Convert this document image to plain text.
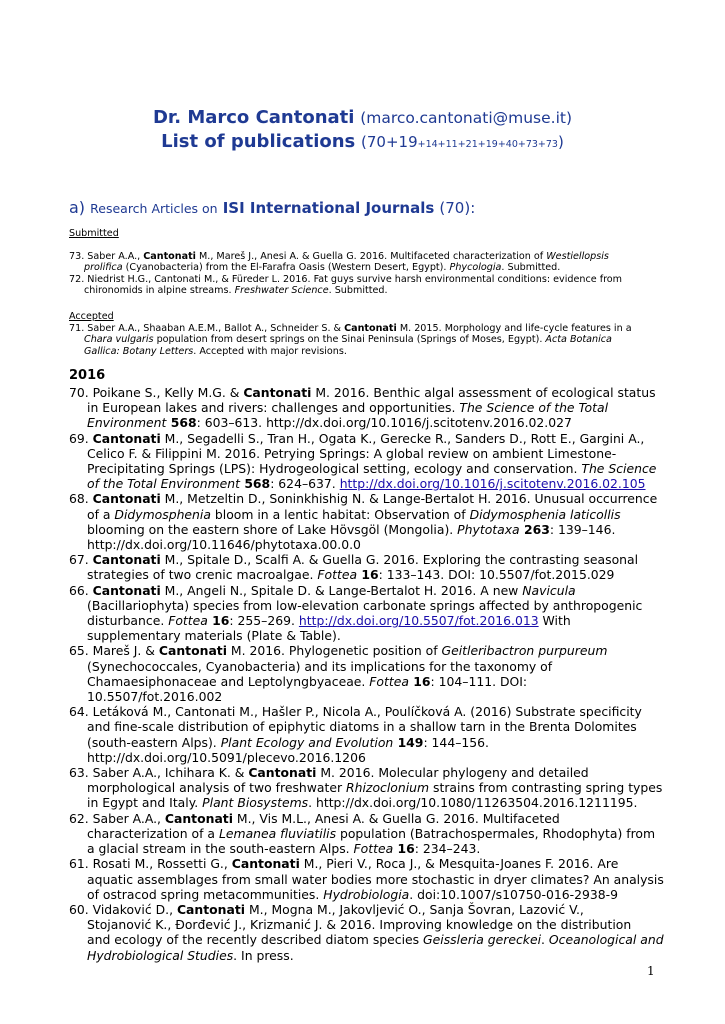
Dr. Marco Cantonati (marco.cantonati@muse.it)
List of publications (70+19+14+11+21+19+40+73+73)
a) Research Articles on ISI International Journals (70):

Submitted

73. Saber A.A., Cantonati M., Mareš J., Anesi A. & Guella G. 2016. Multifaceted characterization of Westiellopsis
prolifica (Cyanobacteria) from the El-Farafra Oasis (Western Desert, Egypt). Phycologia. Submitted.
72. Niedrist H.G., Cantonati M., & Füreder L. 2016. Fat guys survive harsh environmental conditions: evidence from
chironomids in alpine streams. Freshwater Science. Submitted.

Accepted

71. Saber A.A., Shaaban A.E.M., Ballot A., Schneider S. & Cantonati M. 2015. Morphology and life-cycle features in a
Chara vulgaris population from desert springs on the Sinai Peninsula (Springs of Moses, Egypt). Acta Botanica
Gallica: Botany Letters. Accepted with major revisions.
2016
70. Poikane S., Kelly M.G. & Cantonati M. 2016. Benthic algal assessment of ecological status
in European lakes and rivers: challenges and opportunities. The Science of the Total
Environment 568: 603–613. http://dx.doi.org/10.1016/j.scitotenv.2016.02.027
69. Cantonati M., Segadelli S., Tran H., Ogata K., Gerecke R., Sanders D., Rott E., Gargini A.,
Celico F. & Filippini M. 2016. Petrying Springs: A global review on ambient Limestone-
Precipitating Springs (LPS): Hydrogeological setting, ecology and conservation. The Science
of the Total Environment 568: 624–637. http://dx.doi.org/10.1016/j.scitotenv.2016.02.105
68. Cantonati M., Metzeltin D., Soninkhishig N. & Lange-Bertalot H. 2016. Unusual occurrence
of a Didymosphenia bloom in a lentic habitat: Observation of Didymosphenia laticollis
blooming on the eastern shore of Lake Hövsgöl (Mongolia). Phytotaxa 263: 139–146.
http://dx.doi.org/10.11646/phytotaxa.00.0.0
67. Cantonati M., Spitale D., Scalfi A. & Guella G. 2016. Exploring the contrasting seasonal
strategies of two crenic macroalgae. Fottea 16: 133–143. DOI: 10.5507/fot.2015.029
66. Cantonati M., Angeli N., Spitale D. & Lange-Bertalot H. 2016. A new Navicula
(Bacillariophyta) species from low-elevation carbonate springs affected by anthropogenic
disturbance. Fottea 16: 255–269. http://dx.doi.org/10.5507/fot.2016.013 With
supplementary materials (Plate & Table).
65. Mareš J. & Cantonati M. 2016. Phylogenetic position of Geitleribactron purpureum
(Synechococcales, Cyanobacteria) and its implications for the taxonomy of
Chamaesiphonaceae and Leptolyngbyaceae. Fottea 16: 104–111. DOI:
10.5507/fot.2016.002
64. Letáková M., Cantonati M., Hašler P., Nicola A., Poulíčková A. (2016) Substrate specificity
and fine-scale distribution of epiphytic diatoms in a shallow tarn in the Brenta Dolomites
(south-eastern Alps). Plant Ecology and Evolution 149: 144–156.
http://dx.doi.org/10.5091/plecevo.2016.1206
63. Saber A.A., Ichihara K. & Cantonati M. 2016. Molecular phylogeny and detailed
morphological analysis of two freshwater Rhizoclonium strains from contrasting spring types
in Egypt and Italy. Plant Biosystems. http://dx.doi.org/10.1080/11263504.2016.1211195.
62. Saber A.A., Cantonati M., Vis M.L., Anesi A. & Guella G. 2016. Multifaceted
characterization of a Lemanea fluviatilis population (Batrachospermales, Rhodophyta) from
a glacial stream in the south-eastern Alps. Fottea 16: 234–243.
61. Rosati M., Rossetti G., Cantonati M., Pieri V., Roca J., & Mesquita-Joanes F. 2016. Are
aquatic assemblages from small water bodies more stochastic in dryer climates? An analysis
of ostracod spring metacommunities. Hydrobiologia. doi:10.1007/s10750-016-2938-9
60. Vidaković D., Cantonati M., Mogna M., Jakovljević O., Sanja Šovran, Lazović V.,
Stojanović K., Đorđević J., Krizmanić J. & 2016. Improving knowledge on the distribution
and ecology of the recently described diatom species Geissleria gereckei. Oceanological and
Hydrobiological Studies. In press.
1
